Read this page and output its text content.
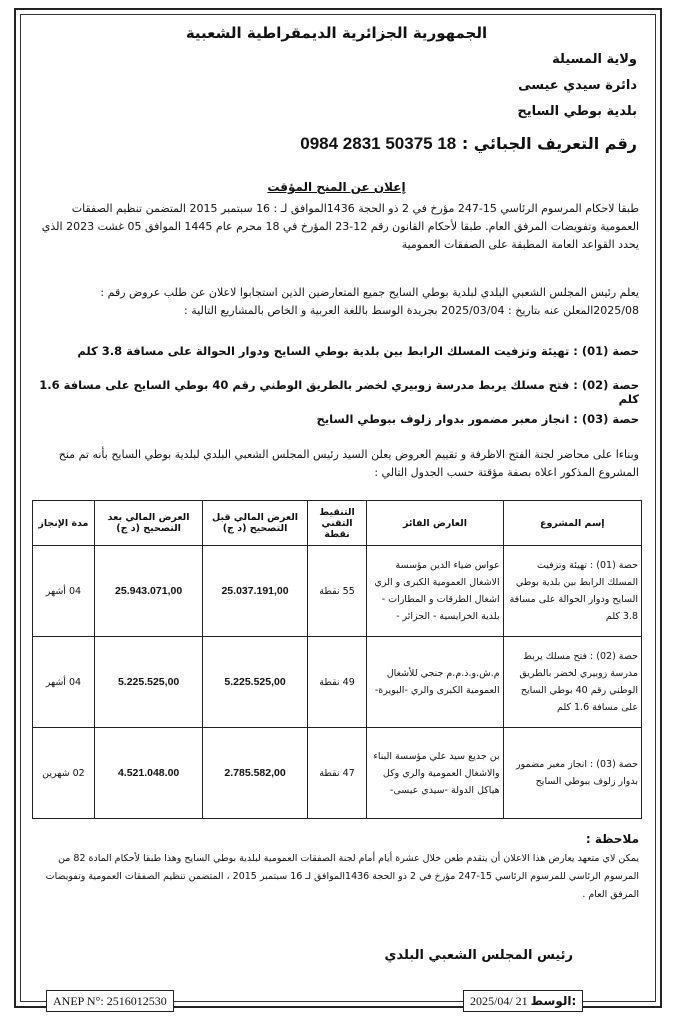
الجمهورية الجزائرية الديمقراطية الشعبية
ولاية المسيلة
دائرة سيدي عيسى
بلدية بوطي السايح
رقم التعريف الجبائي : 0984 2831 50375 18
إعلان عن المنح المؤقت
طبقا لاحكام المرسوم الرئاسي 15-247 مؤرخ في 2 ذو الحجة 1436الموافق لـ : 16 سبتمبر 2015 المتضمن تنظيم الصفقات العمومية وتفويضات المرفق العام. طبقا لأحكام القانون رقم 12-23 المؤرخ في 18 محرم عام 1445 الموافق 05 غشت 2023 الذي يحدد القواعد العامة المطبقة على الصفقات العمومية
يعلم رئيس المجلس الشعبي البلدي لبلدية بوطي السايح جميع المتعارضين الذين استجابوا لاعلان عن طلب عروض رقم : 2025/08المعلن عنه بتاريخ : 2025/03/04 بجريدة الوسط باللغة العربية و الخاص بالمشاريع التالية :
حصة (01) : تهيئة وتزفيت المسلك الرابط بين بلدية بوطي السايح ودوار الحوالة على مسافة 3.8 كلم
حصة (02) : فتح مسلك يربط مدرسة زوبيري لخضر بالطريق الوطني رقم 40 بوطي السايح على مسافة 1.6 كلم
حصة (03) : انجاز معبر مضمور بدوار زلوف ببوطي السايح
وبناءا على محاضر لجنة الفتح الاظرفة و تقييم العروض يعلن السيد رئيس المجلس الشعبي البلدي لبلدية بوطي السايح بأنه تم منح المشروع المذكور اعلاه بصفة مؤقتة حسب الجدول التالي :
إسم المشروع	العارض الفائز	التنقيط التقني نقطة	العرض المالي قبل التصحيح (د ج)	العرض المالي بعد التصحيح (د ج)	مدة الإنجاز
حصة (01) : تهيئة وتزفيت المسلك الرابط بين بلدية بوطي السايح ودوار الحوالة على مسافة 3.8 كلم	عواس ضياء الدين مؤسسة الاشغال العمومية الكبرى و الري اشغال الطرقات و المطارات - بلدية الخرايسية - الجزائر -	55 نقطة	25.037.191,00	25.943.071,00	04 أشهر
حصة (02) : فتح مسلك يربط مدرسة زوبيري لخضر بالطريق الوطني رقم 40 بوطي السايح على مسافة 1.6 كلم	م.ش.و.ذ.م.م جنجي للأشغال العمومية الكبرى والري -البويرة-	49 نقطة	5.225.525,00	5.225.525,00	04 أشهر
حصة (03) : انجاز معبر مضمور بدوار زلوف ببوطي السايح	بن جديع سيد علي مؤسسة البناء والاشغال العمومية والري وكل هياكل الدولة -سيدي عيسى-	47 نقطة	2.785.582,00	4.521.048.00	02 شهرين
ملاحظة :
يمكن لاي متعهد يعارض هذا الاعلان أن يتقدم طعن خلال عشرة أيام أمام لجنة الصفقات العمومية لبلدية بوطي السايح وهذا طبقا لأحكام المادة 82 من المرسوم الرئاسي للمرسوم الرئاسي 15-247 مؤرخ في 2 ذو الحجة 1436الموافق لـ 16 سبتمبر 2015 ، المتضمن تنظيم الصفقات العمومية وتفويضات المرفق العام .
رئيس المجلس الشعبي البلدي
ANEP N°: 2516012530	2025/04/ 21 الوسط:
